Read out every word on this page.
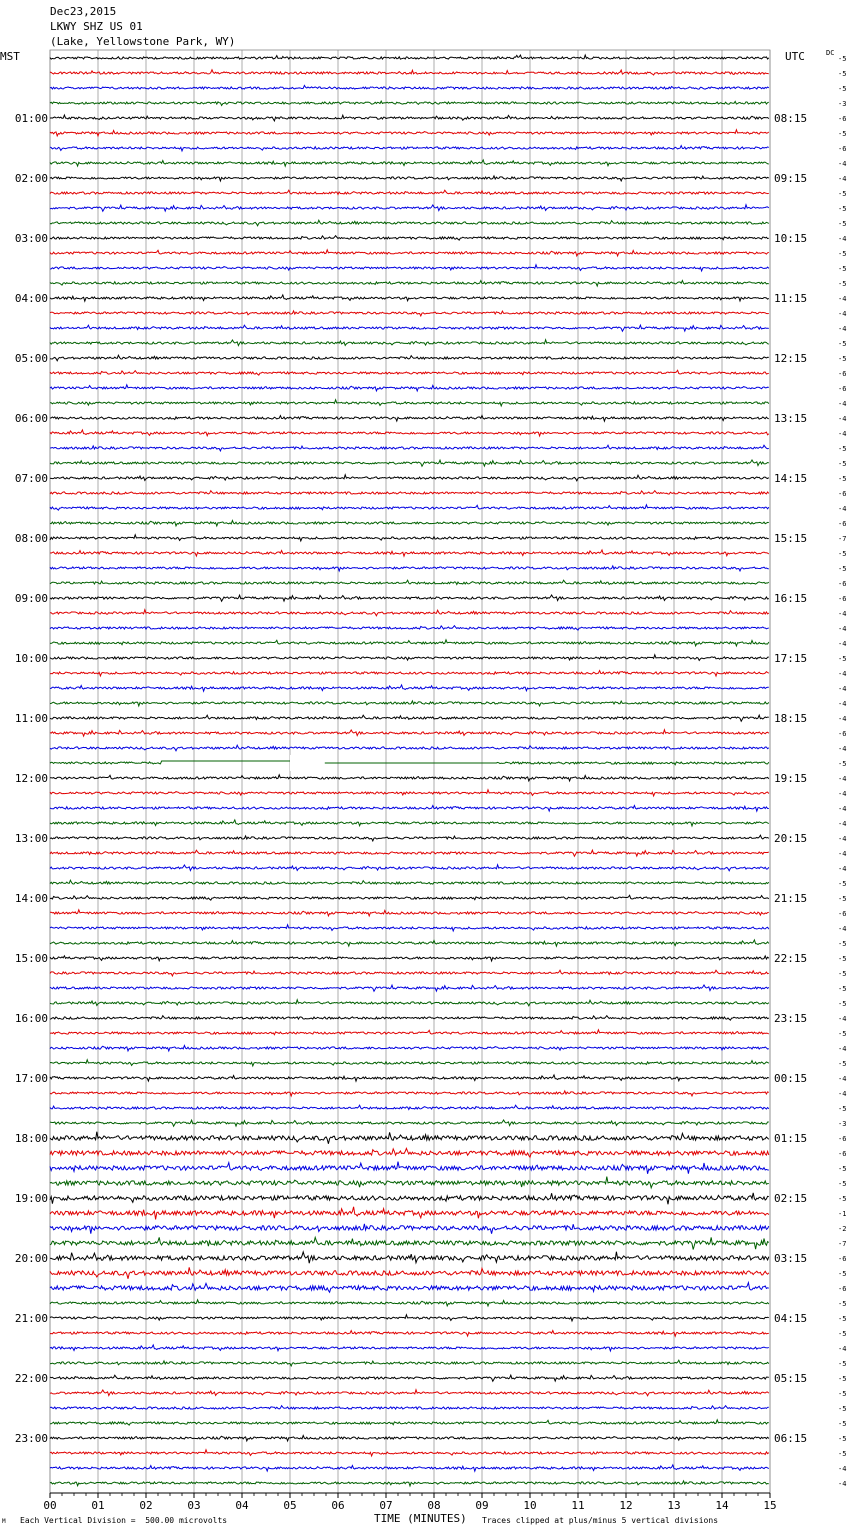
Dec23,2015
LKWY SHZ US 01
(Lake, Yellowstone Park, WY)
MST	UTC	DC
-5
-5
-5
-3
-6
-5
-6
-4
-4
-5
-5
-5
-4
-5
-5
-5
-4
-4
-4
-5
-5
-6
-6
-4
-4
-4
-5
-5
-5
-6
-4
-6
-7
-5
-5
-6
-6
-4
-4
-4
-5
-4
-4
-4
-4
-6
-4
-5
-4
-4
-4
-4
-4
-4
-4
-5
-5
-6
-4
-5
-5
-5
-5
-5
-4
-5
-4
-5
-4
-4
-5
-3
-6
-6
-5
-5
-5
-1
-2
-7
-6
-5
-6
-5
-5
-5
-4
-5
-5
-5
-5
-5
-5
-5
-4
-4
01:00	08:15
02:00	09:15
03:00	10:15
04:00	11:15
05:00	12:15
06:00	13:15
07:00	14:15
08:00	15:15
09:00	16:15
10:00	17:15
11:00	18:15
12:00	19:15
13:00	20:15
14:00	21:15
15:00	22:15
16:00	23:15
17:00	00:15
18:00	01:15
19:00	02:15
20:00	03:15
21:00	04:15
22:00	05:15
23:00	06:15
00	01	02	03	04	05	06	07	08	09	10	11	12	13	14	15
M Each Vertical Division =  500.00 microvolts	TIME (MINUTES) Traces clipped at plus/minus 5 vertical divisions
